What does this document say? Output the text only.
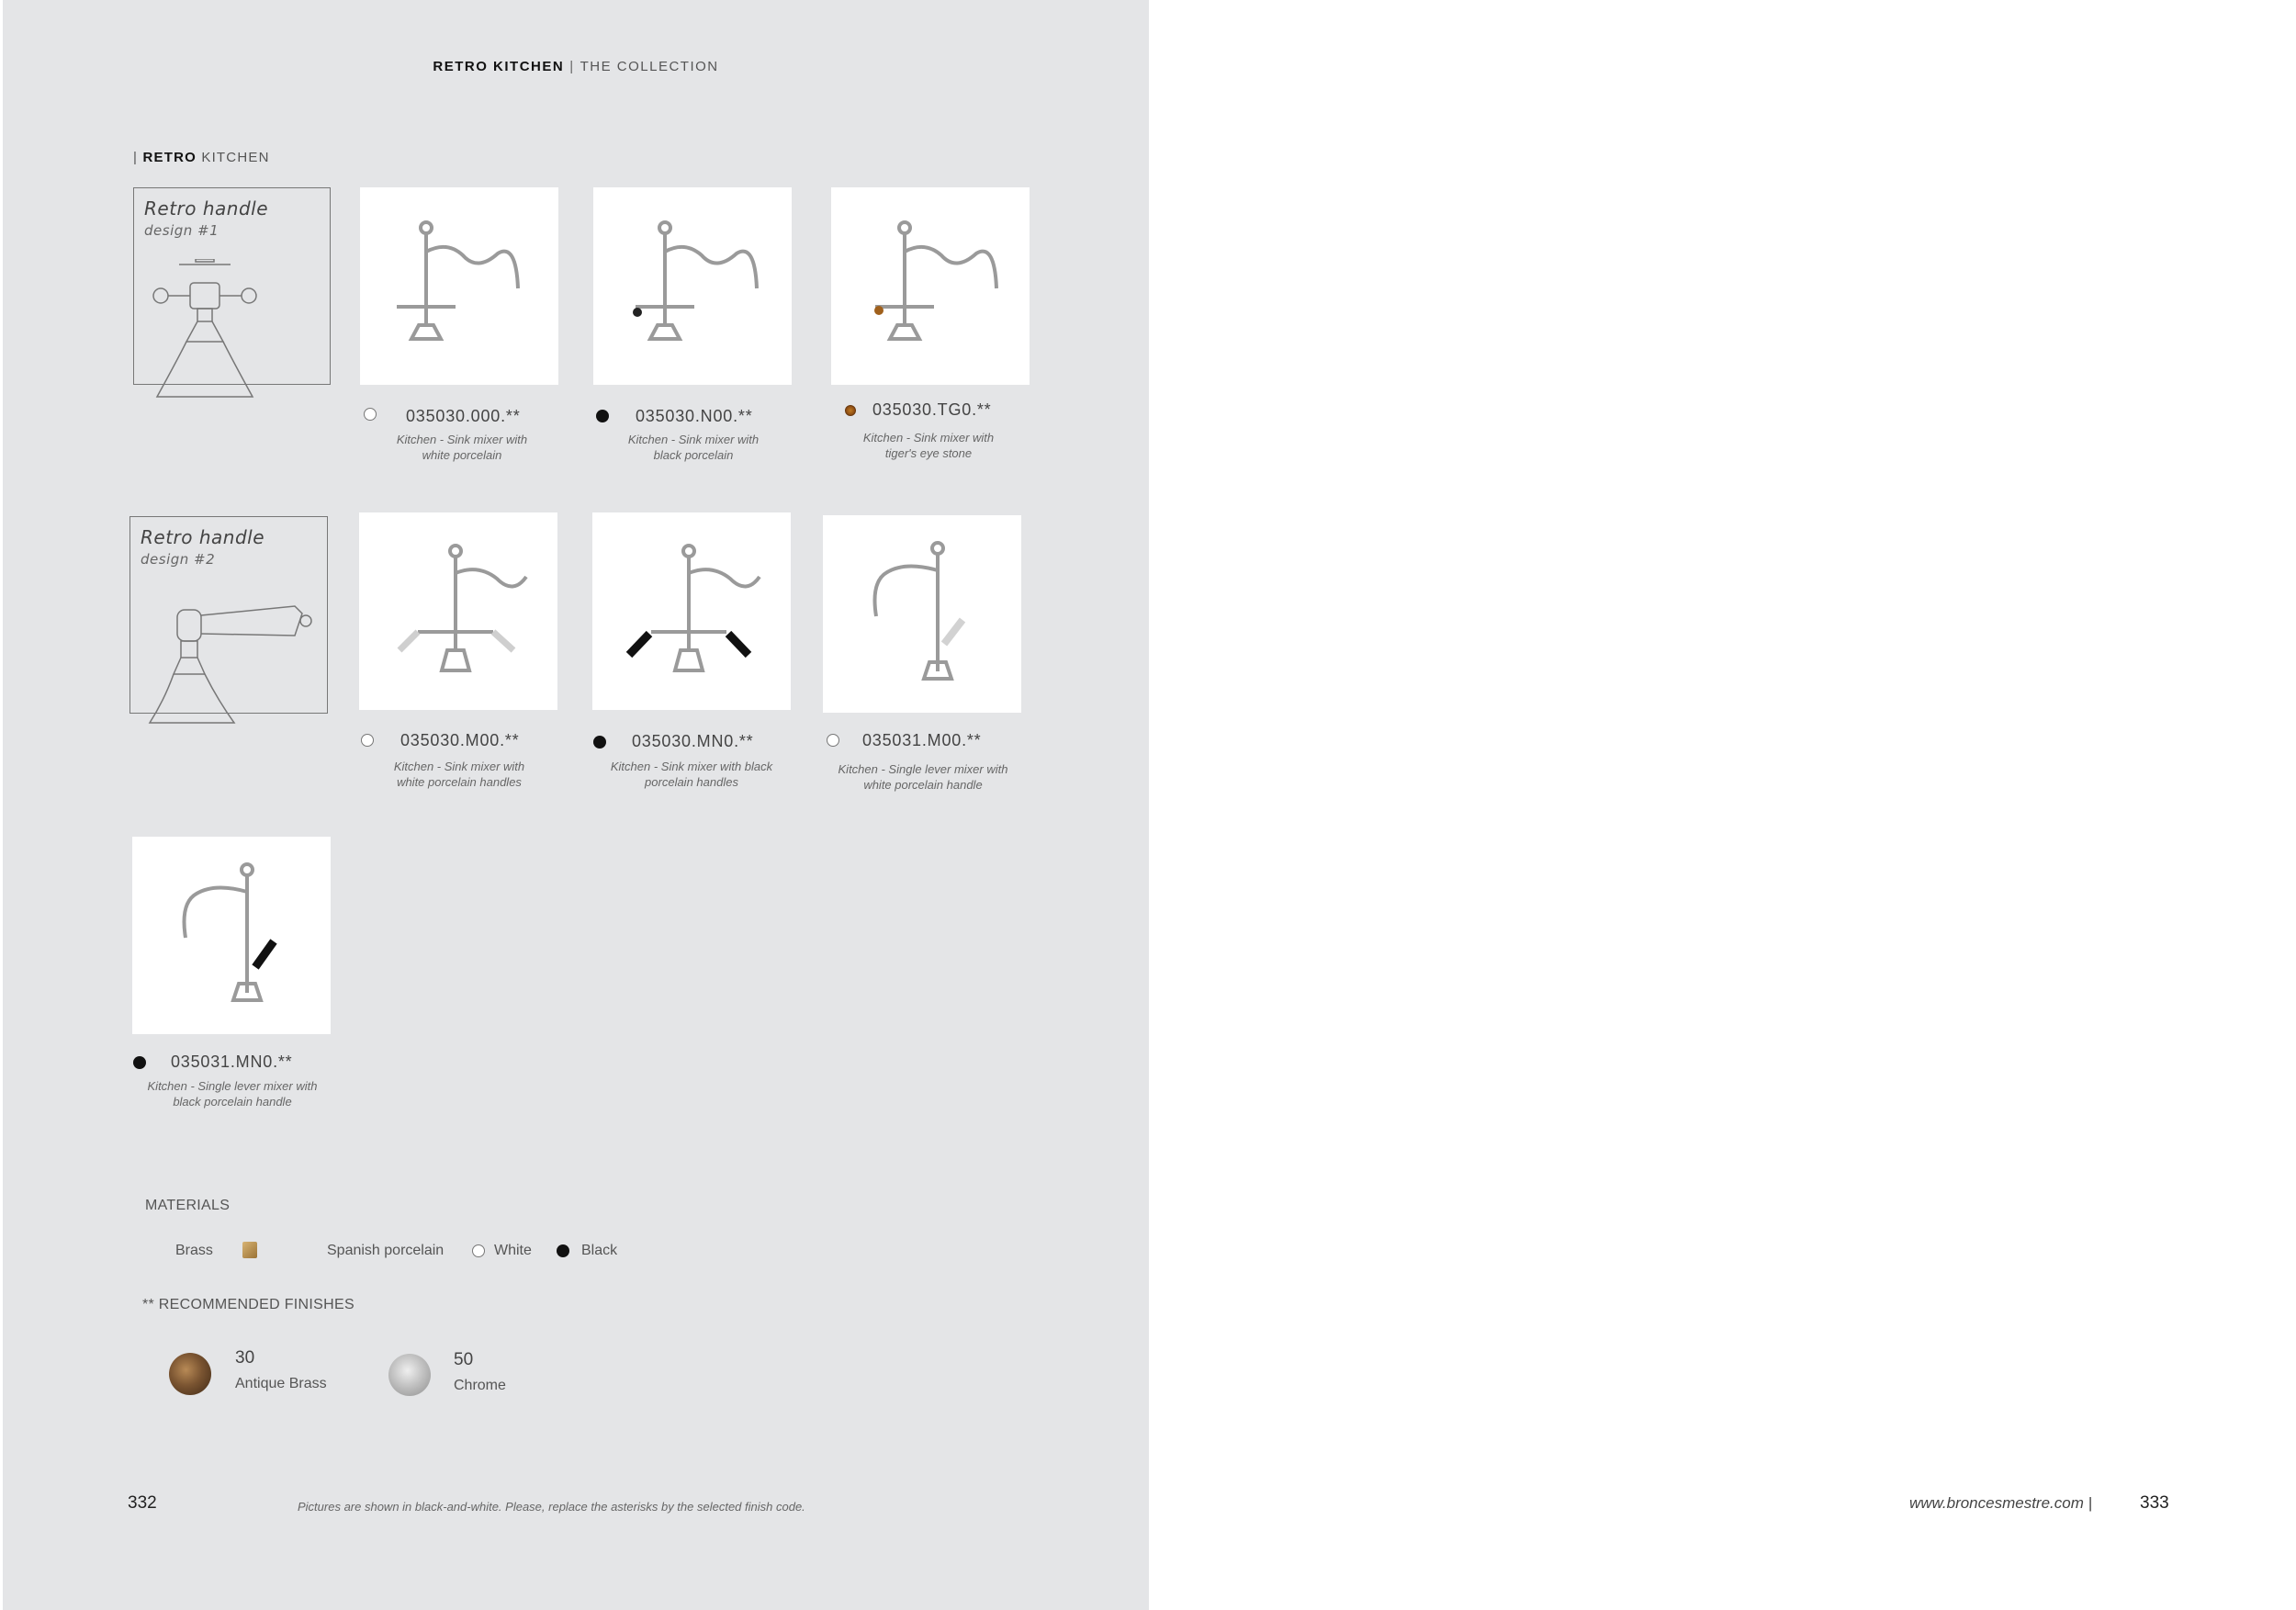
RETRO KITCHEN | THE COLLECTION
| RETRO KITCHEN
Retro handle
design #1
Retro handle
design #2
035030.000.**
Kitchen - Sink mixer with
white porcelain
035030.N00.**
Kitchen - Sink mixer with
black porcelain
035030.TG0.**
Kitchen - Sink mixer with
tiger's eye stone
035030.M00.**
Kitchen - Sink mixer with
white porcelain handles
035030.MN0.**
Kitchen - Sink mixer with black
porcelain handles
035031.M00.**
Kitchen - Single lever mixer with
white porcelain handle
035031.MN0.**
Kitchen - Single lever mixer with
black porcelain handle
MATERIALS
Brass	Spanish porcelain	White	Black
** RECOMMENDED FINISHES
30
Antique Brass
50
Chrome
332	Pictures are shown in black-and-white. Please, replace the asterisks by the selected finish code.	www.broncesmestre.com |	333
